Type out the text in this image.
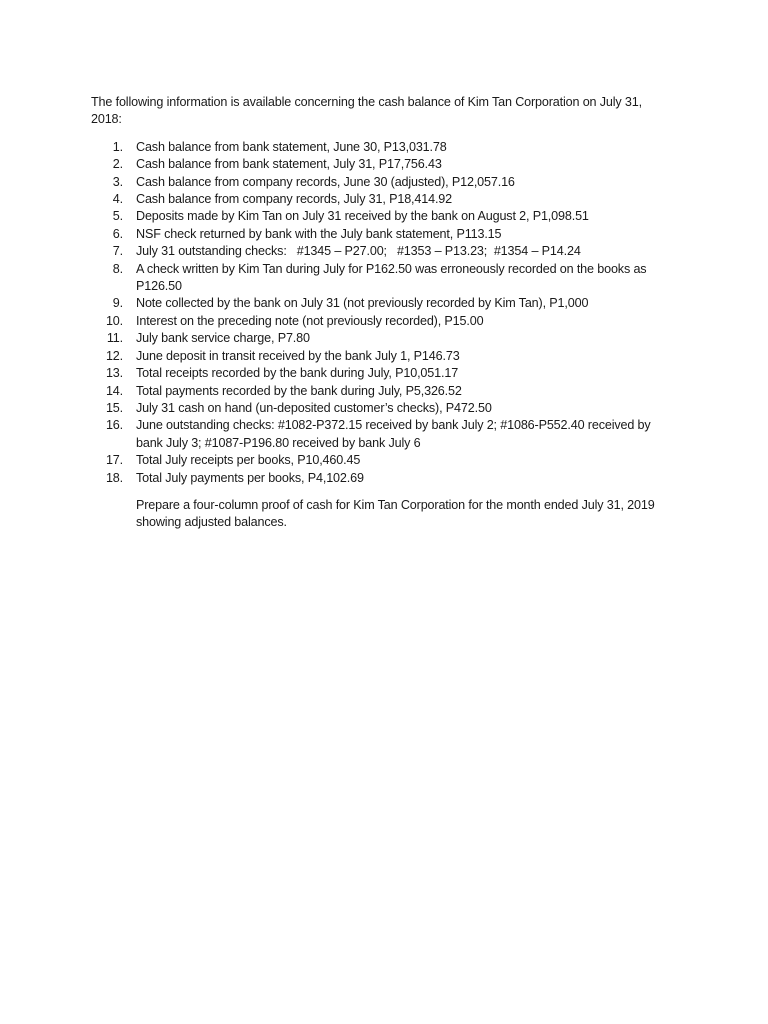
The following information is available concerning the cash balance of Kim Tan Corporation on July 31, 2018:

1. Cash balance from bank statement, June 30, P13,031.78
2. Cash balance from bank statement, July 31, P17,756.43
3. Cash balance from company records, June 30 (adjusted), P12,057.16
4. Cash balance from company records, July 31, P18,414.92
5. Deposits made by Kim Tan on July 31 received by the bank on August 2, P1,098.51
6. NSF check returned by bank with the July bank statement, P113.15
7. July 31 outstanding checks:   #1345 – P27.00;   #1353 – P13.23;  #1354 – P14.24
8. A check written by Kim Tan during July for P162.50 was erroneously recorded on the books as P126.50
9. Note collected by the bank on July 31 (not previously recorded by Kim Tan), P1,000
10. Interest on the preceding note (not previously recorded), P15.00
11. July bank service charge, P7.80
12. June deposit in transit received by the bank July 1, P146.73
13. Total receipts recorded by the bank during July, P10,051.17
14. Total payments recorded by the bank during July, P5,326.52
15. July 31 cash on hand (un-deposited customer’s checks), P472.50
16. June outstanding checks: #1082-P372.15 received by bank July 2; #1086-P552.40 received by bank July 3; #1087-P196.80 received by bank July 6
17. Total July receipts per books, P10,460.45
18. Total July payments per books, P4,102.69

Prepare a four-column proof of cash for Kim Tan Corporation for the month ended July 31, 2019 showing adjusted balances.
